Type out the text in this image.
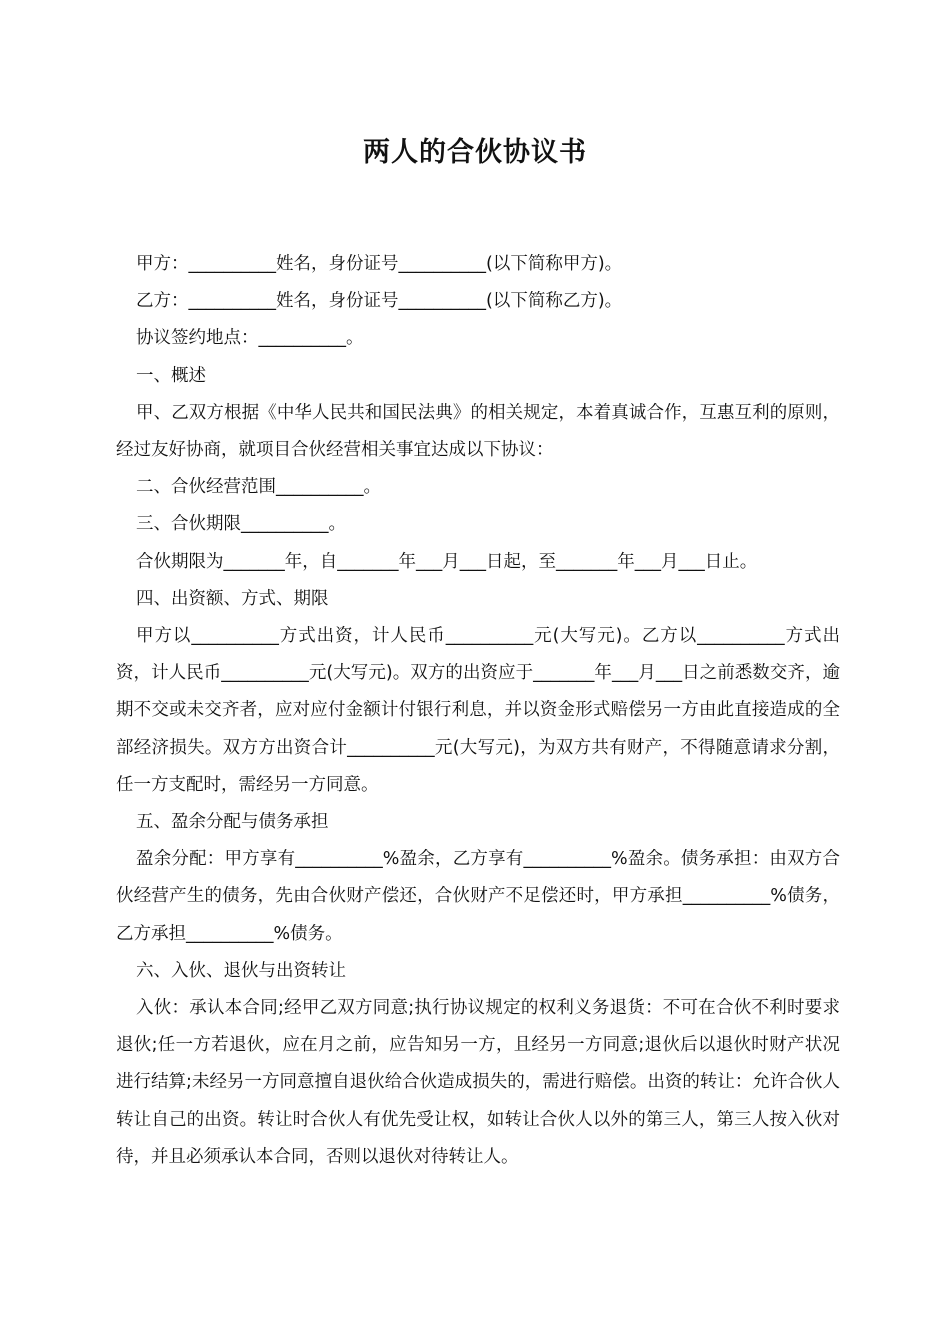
两人的合伙协议书

甲方：__________姓名，身份证号__________(以下简称甲方)。

乙方：__________姓名，身份证号__________(以下简称乙方)。

协议签约地点：__________。

一、概述

甲、乙双方根据《中华人民共和国民法典》的相关规定，本着真诚合作，互惠互利的原则，经过友好协商，就项目合伙经营相关事宜达成以下协议：

二、合伙经营范围__________。

三、合伙期限__________。

合伙期限为_______年，自_______年___月___日起，至_______年___月___日止。

四、出资额、方式、期限

甲方以__________方式出资，计人民币__________元(大写元)。乙方以__________方式出资，计人民币__________元(大写元)。双方的出资应于_______年___月___日之前悉数交齐，逾期不交或未交齐者，应对应付金额计付银行利息，并以资金形式赔偿另一方由此直接造成的全部经济损失。双方方出资合计__________元(大写元)，为双方共有财产，不得随意请求分割，任一方支配时，需经另一方同意。

五、盈余分配与债务承担

盈余分配：甲方享有__________%盈余，乙方享有__________%盈余。债务承担：由双方合伙经营产生的债务，先由合伙财产偿还，合伙财产不足偿还时，甲方承担__________%债务，乙方承担__________%债务。

六、入伙、退伙与出资转让

入伙：承认本合同;经甲乙双方同意;执行协议规定的权利义务退货：不可在合伙不利时要求退伙;任一方若退伙，应在月之前，应告知另一方，且经另一方同意;退伙后以退伙时财产状况进行结算;未经另一方同意擅自退伙给合伙造成损失的，需进行赔偿。出资的转让：允许合伙人转让自己的出资。转让时合伙人有优先受让权，如转让合伙人以外的第三人，第三人按入伙对待，并且必须承认本合同，否则以退伙对待转让人。
